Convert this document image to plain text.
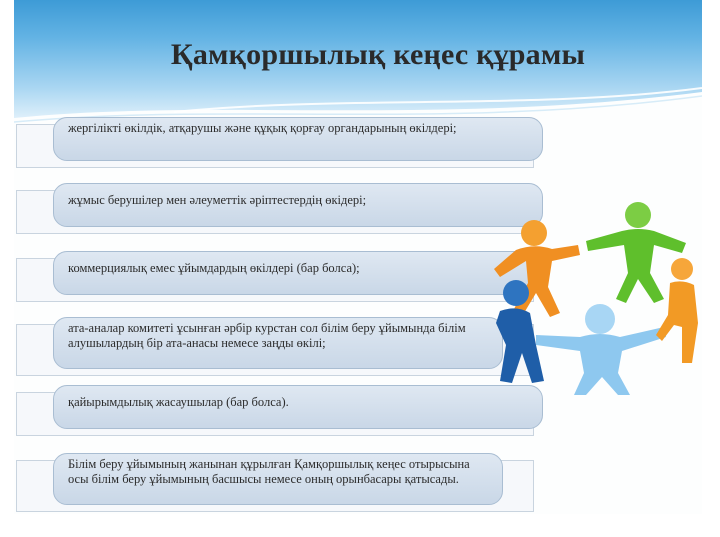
Қамқоршылық кеңес құрамы
жергілікті өкілдік, атқарушы және құқық қорғау органдарының өкілдері;
жұмыс берушілер мен әлеуметтік әріптестердің өкідері;
коммерциялық емес ұйымдардың өкілдері (бар болса);
ата-аналар комитеті ұсынған әрбір курстан сол білім беру ұйымында білім алушылардың бір ата-анасы немесе заңды өкілі;
қайырымдылық жасаушылар (бар болса).
Білім беру ұйымының жанынан құрылған Қамқоршылық кеңес отырысына осы білім беру ұйымының басшысы немесе оның орынбасары қатысады.
